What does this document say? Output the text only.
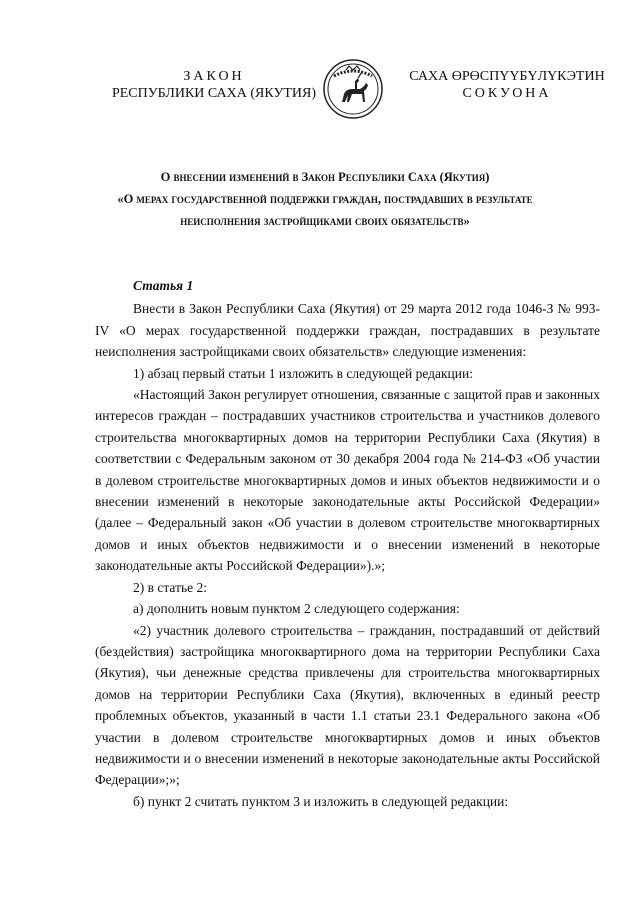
ЗАКОН
РЕСПУБЛИКИ САХА (ЯКУТИЯ)
САХА ӨРӨСПҮҮБҮЛҮКЭТИН
СОКУОНА
О внесении изменений в Закон Республики Саха (Якутия)
«О мерах государственной поддержки граждан, пострадавших в результате
неисполнения застройщиками своих обязательств»
Статья 1

Внести в Закон Республики Саха (Якутия) от 29 марта 2012 года 1046-З № 993-IV «О мерах государственной поддержки граждан, пострадавших в результате неисполнения застройщиками своих обязательств» следующие изменения:

1) абзац первый статьи 1 изложить в следующей редакции:

«Настоящий Закон регулирует отношения, связанные с защитой прав и законных интересов граждан – пострадавших участников строительства и участников долевого строительства многоквартирных домов на территории Республики Саха (Якутия) в соответствии с Федеральным законом от 30 декабря 2004 года № 214-ФЗ «Об участии в долевом строительстве многоквартирных домов и иных объектов недвижимости и о внесении изменений в некоторые законодательные акты Российской Федерации» (далее – Федеральный закон «Об участии в долевом строительстве многоквартирных домов и иных объектов недвижимости и о внесении изменений в некоторые законодательные акты Российской Федерации»).»;

2) в статье 2:

а) дополнить новым пунктом 2 следующего содержания:

«2) участник долевого строительства – гражданин, пострадавший от действий (бездействия) застройщика многоквартирного дома на территории Республики Саха (Якутия), чьи денежные средства привлечены для строительства многоквартирных домов на территории Республики Саха (Якутия), включенных в единый реестр проблемных объектов, указанный в части 1.1 статьи 23.1 Федерального закона «Об участии в долевом строительстве многоквартирных домов и иных объектов недвижимости и о внесении изменений в некоторые законодательные акты Российской Федерации»;»;

б) пункт 2 считать пунктом 3 и изложить в следующей редакции:
